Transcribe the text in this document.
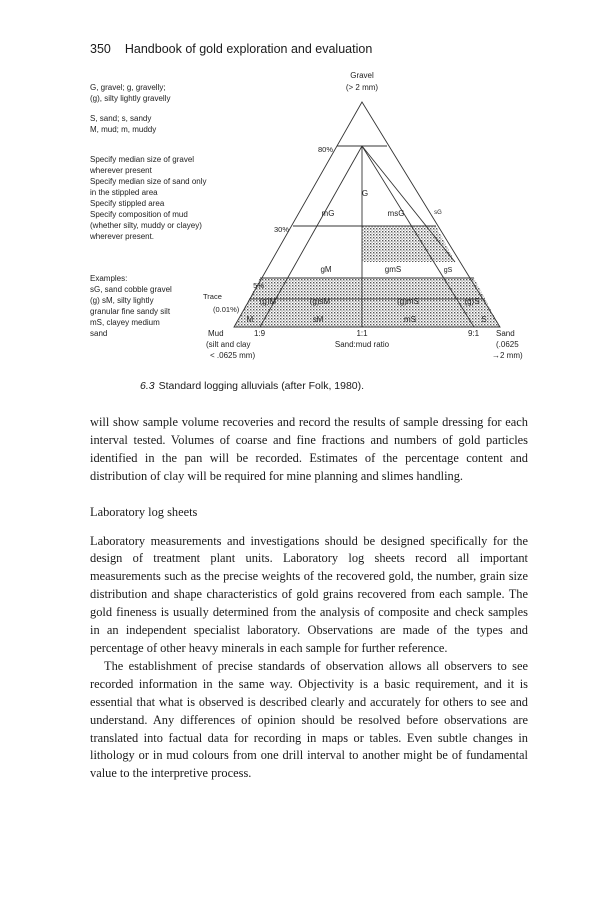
350 Handbook of gold exploration and evaluation
G, gravel; g, gravelly;
(g), silty lightly gravelly
S, sand; s, sandy
M, mud; m, muddy
Specify median size of gravel
wherever present
Specify median size of sand only
in the stippled area
Specify stippled area
Specify composition of mud
(whether silty, muddy or clayey)
wherever present.
Examples:
sG, sand cobble gravel
(g) sM, silty lightly
granular fine sandy silt
mS, clayey medium
sand
Gravel
(> 2 mm)
80%
30%
5%
Trace
(0.01%)
G
mG	msG	sG
gM	gmS	gS
(g)M	(g)sM	(g)mS	(g)S
M	sM	mS	S
Mud	1:9	1:1	9:1 Sand
(silt and clay
< .0625 mm)
Sand:mud ratio	(.0625
→2 mm)
6.3 Standard logging alluvials (after Folk, 1980).

will show sample volume recoveries and record the results of sample dressing for each interval tested. Volumes of coarse and fine fractions and numbers of gold particles identified in the pan will be recorded. Estimates of the percentage content and distribution of clay will be required for mine planning and slimes handling.

Laboratory log sheets

Laboratory measurements and investigations should be designed specifically for the design of treatment plant units. Laboratory log sheets record all important measurements such as the precise weights of the recovered gold, the number, grain size distribution and shape characteristics of gold grains recovered from each sample. The gold fineness is usually determined from the analysis of composite and check samples in an independent specialist laboratory. Observations are made of the types and percentage of other heavy minerals in each sample for further reference.

The establishment of precise standards of observation allows all observers to see recorded information in the same way. Objectivity is a basic requirement, and it is essential that what is observed is described clearly and accurately for others to see and understand. Any differences of opinion should be resolved before observations are translated into factual data for recording in maps or tables. Even subtle changes in lithology or in mud colours from one drill interval to another might be of fundamental value to the interpretive process.
